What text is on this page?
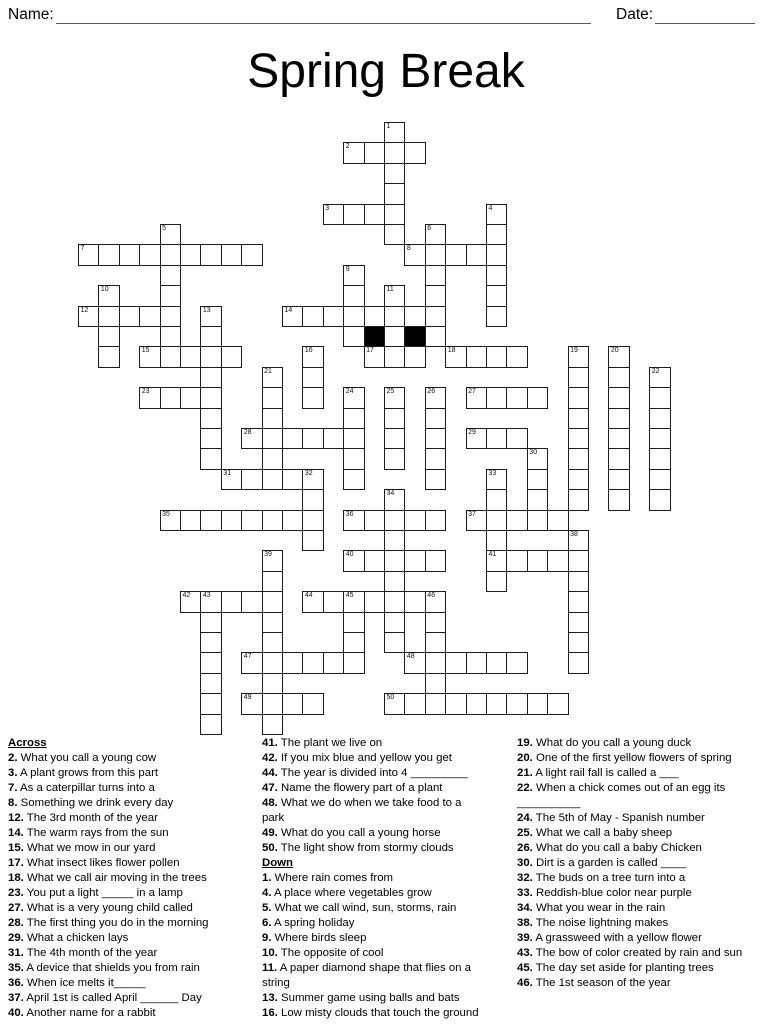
Name:	Date:
Spring Break
1
2
3	4
5	6
7	8
9
10	11
12	13	14
15	16	17	18	19	20
21	22
23	24	25	26	27
28	29
30
31	32	33
41
34
35	36	37
38
39	40
42 43	44	45	46
47	48
49	50
Across
2. What you call a young cow
3. A plant grows from this part
7. As a caterpillar turns into a
8. Something we drink every day
12. The 3rd month of the year
14. The warm rays from the sun
15. What we mow in our yard
17. What insect likes flower pollen
18. What we call air moving in the trees
23. You put a light _____ in a lamp
27. What is a very young child called
28. The first thing you do in the morning
29. What a chicken lays
31. The 4th month of the year
35. A device that shields you from rain
36. When ice melts it_____
37. April 1st is called April ______ Day
40. Another name for a rabbit
41. The plant we live on
42. If you mix blue and yellow you get
44. The year is divided into 4 _________
47. Name the flowery part of a plant
48. What we do when we take food to a park
49. What do you call a young horse
50. The light show from stormy clouds
Down
1. Where rain comes from
4. A place where vegetables grow
5. What we call wind, sun, storms, rain
6. A spring holiday
9. Where birds sleep
10. The opposite of cool
11. A paper diamond shape that flies on a string
13. Summer game using balls and bats
16. Low misty clouds that touch the ground
19. What do you call a young duck
20. One of the first yellow flowers of spring
21. A light rail fall is called a ___
22. When a chick comes out of an egg its __________
24. The 5th of May - Spanish number
25. What we call a baby sheep
26. What do you call a baby Chicken
30. Dirt is a garden is called ____
32. The buds on a tree turn into a
33. Reddish-blue color near purple
34. What you wear in the rain
38. The noise lightning makes
39. A grassweed with a yellow flower
43. The bow of color created by rain and sun
45. The day set aside for planting trees
46. The 1st season of the year
